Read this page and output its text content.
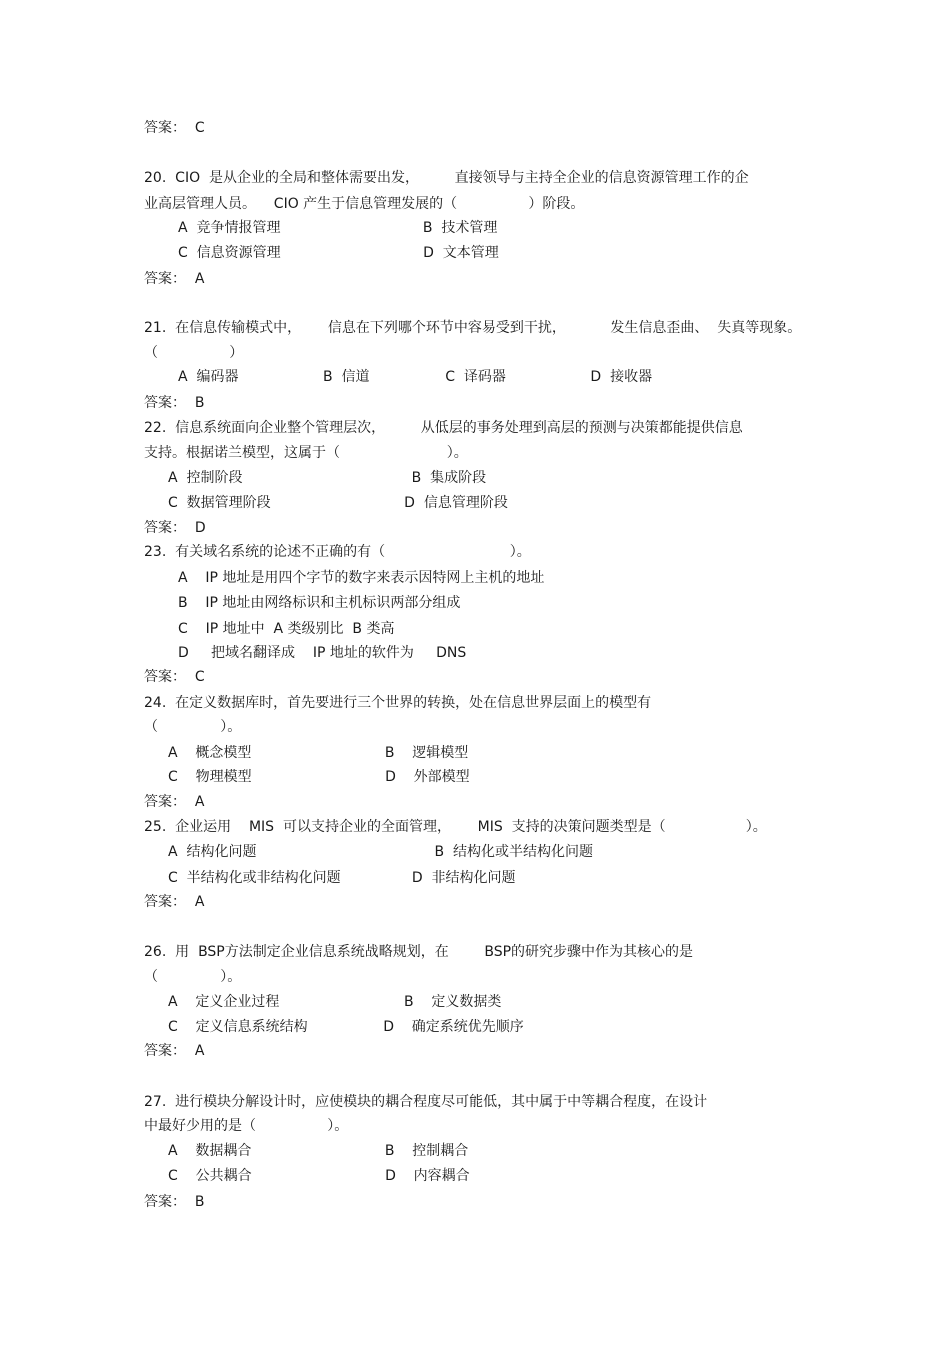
答案：  C
20.  CIO  是从企业的全局和整体需要出发，        直接领导与主持全企业的信息资源管理工作的企
业高层管理人员。    CIO 产生于信息管理发展的（                ）阶段。
A  竞争情报管理                                B  技术管理
C  信息资源管理                                D  文本管理
答案：  A
21.  在信息传输模式中，      信息在下列哪个环节中容易受到干扰，          发生信息歪曲、  失真等现象。
（                ）
A  编码器                   B  信道                 C  译码器                   D  接收器
答案：  B
22.  信息系统面向企业整个管理层次，        从低层的事务处理到高层的预测与决策都能提供信息
支持。根据诺兰模型，这属于（                        ）。
A  控制阶段                                      B  集成阶段
C  数据管理阶段                              D  信息管理阶段
答案：  D
23.  有关域名系统的论述不正确的有（                            ）。
A    IP 地址是用四个字节的数字来表示因特网上主机的地址
B    IP 地址由网络标识和主机标识两部分组成
C    IP 地址中  A 类级别比  B 类高
D     把域名翻译成    IP 地址的软件为     DNS
答案：  C
24.  在定义数据库时，首先要进行三个世界的转换，处在信息世界层面上的模型有
（              ）。
A    概念模型                              B    逻辑模型
C    物理模型                              D    外部模型
答案：  A
25.  企业运用    MIS  可以支持企业的全面管理，      MIS  支持的决策问题类型是（                  ）。
A  结构化问题                                        B  结构化或半结构化问题
C  半结构化或非结构化问题                D  非结构化问题
答案：  A
26.  用  BSP方法制定企业信息系统战略规划，在        BSP的研究步骤中作为其核心的是
（              ）。
A    定义企业过程                            B    定义数据类
C    定义信息系统结构                 D    确定系统优先顺序
答案：  A
27.  进行模块分解设计时，应使模块的耦合程度尽可能低，其中属于中等耦合程度，在设计
中最好少用的是（                ）。
A    数据耦合                              B    控制耦合
C    公共耦合                              D    内容耦合
答案：  B
